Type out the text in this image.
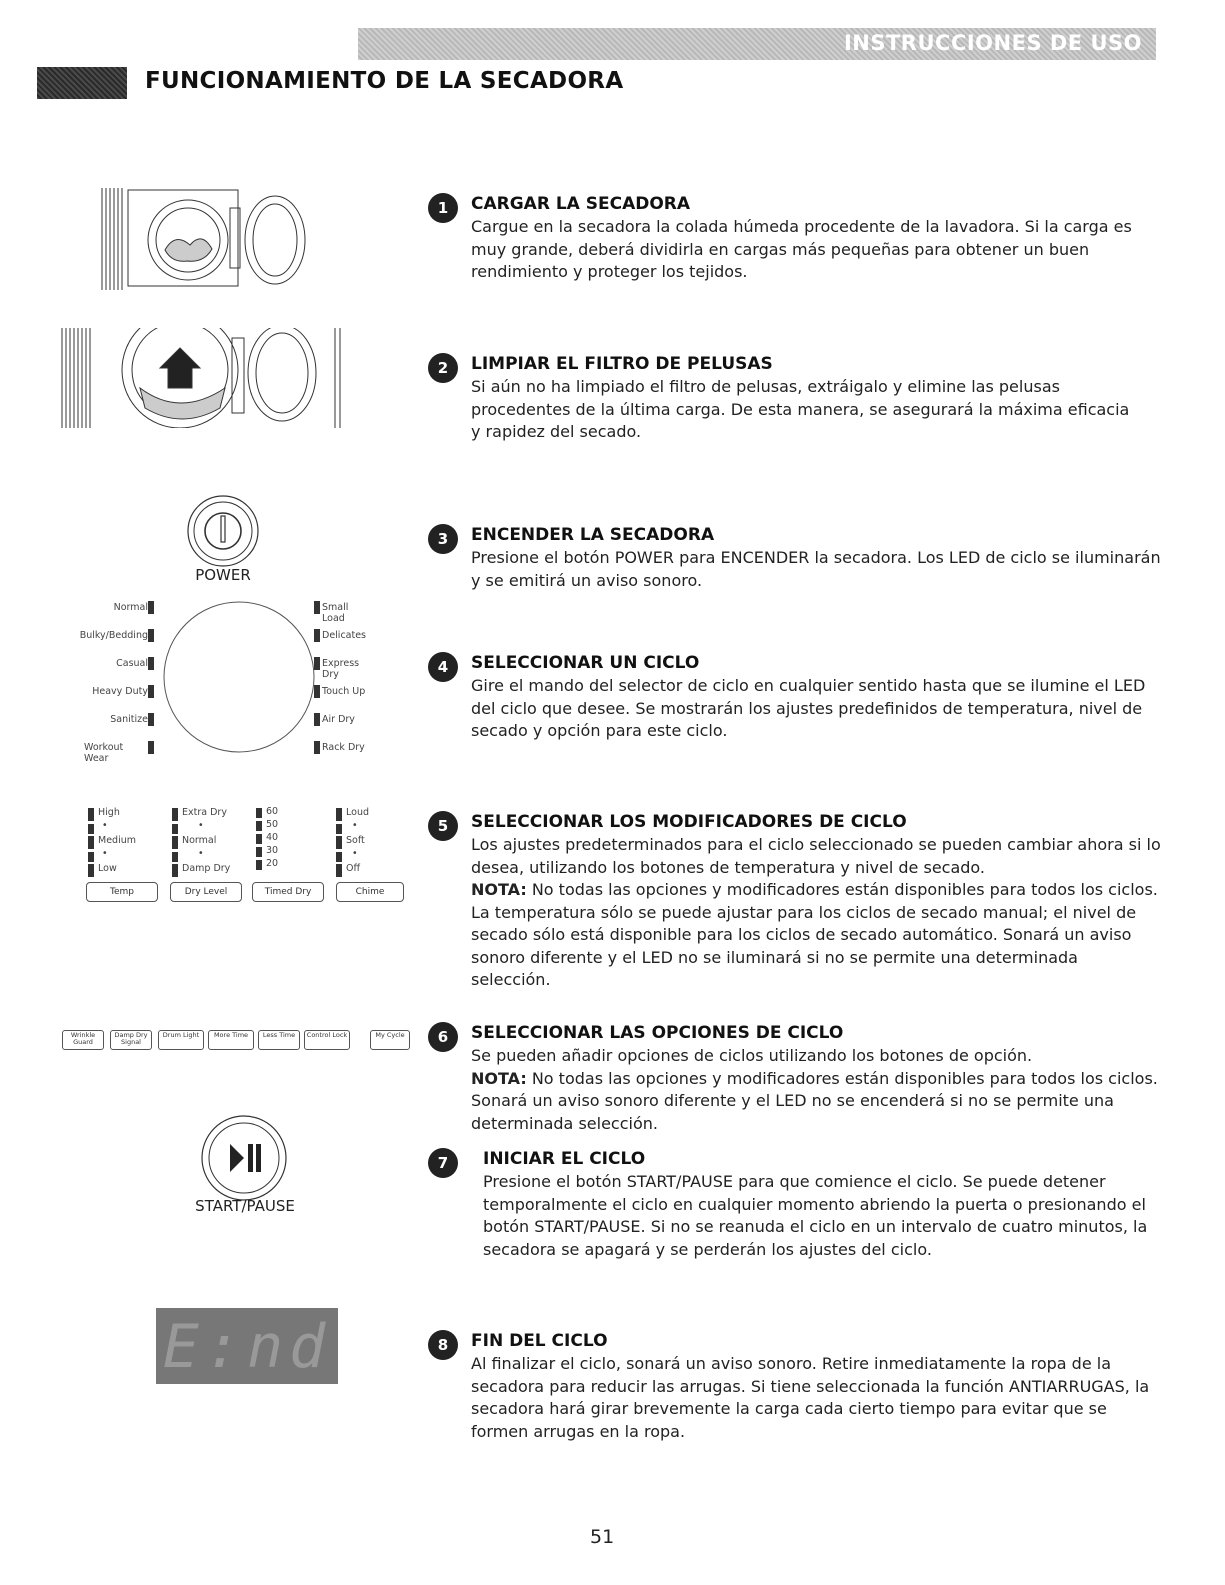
INSTRUCCIONES DE USO
FUNCIONAMIENTO DE LA SECADORA
POWER
Normal
Bulky/Bedding
Casual
Heavy Duty
Sanitize
Workout Wear
Small Load
Delicates
Express Dry
Touch Up
Air Dry
Rack Dry
High
•
Medium
•
Low
Extra Dry
•
Normal
•
Damp Dry
60
50
40
30
20
Loud
•
Soft
•
Off
Temp	Dry Level	Timed Dry	Chime
Wrinkle Guard
Damp Dry Signal
Drum Light	More Time	Less Time	Control Lock	My Cycle
START/PAUSE
E:nd
1	CARGAR LA SECADORA

Cargue en la secadora la colada húmeda procedente de la lavadora. Si la carga es muy grande, deberá dividirla en cargas más pequeñas para obtener un buen rendimiento y proteger los tejidos.

2	LIMPIAR EL FILTRO DE PELUSAS

Si aún no ha limpiado el filtro de pelusas, extráigalo y elimine las pelusas procedentes de la última carga. De esta manera, se asegurará la máxima eficacia

y rapidez del secado.

3	ENCENDER LA SECADORA

Presione el botón POWER para ENCENDER la secadora. Los LED de ciclo se iluminarán y se emitirá un aviso sonoro.

4	SELECCIONAR UN CICLO

Gire el mando del selector de ciclo en cualquier sentido hasta que se ilumine el LED del ciclo que desee. Se mostrarán los ajustes predefinidos de temperatura, nivel de secado y opción para este ciclo.

5	SELECCIONAR LOS MODIFICADORES DE CICLO

Los ajustes predeterminados para el ciclo seleccionado se pueden cambiar ahora si lo desea, utilizando los botones de temperatura y nivel de secado.

NOTA: No todas las opciones y modificadores están disponibles para todos los ciclos. La temperatura sólo se puede ajustar para los ciclos de secado manual; el nivel de secado sólo está disponible para los ciclos de secado automático. Sonará un aviso sonoro diferente y el LED no se iluminará si no se permite una determinada selección.

6	SELECCIONAR LAS OPCIONES DE CICLO

Se pueden añadir opciones de ciclos utilizando los botones de opción.

NOTA: No todas las opciones y modificadores están disponibles para todos los ciclos. Sonará un aviso sonoro diferente y el LED no se encenderá si no se permite una determinada selección.

7	INICIAR EL CICLO

Presione el botón START/PAUSE para que comience el ciclo. Se puede detener temporalmente el ciclo en cualquier momento abriendo la puerta o presionando el botón START/PAUSE. Si no se reanuda el ciclo en un intervalo de cuatro minutos, la secadora se apagará y se perderán los ajustes del ciclo.

8	FIN DEL CICLO

Al finalizar el ciclo, sonará un aviso sonoro. Retire inmediatamente la ropa de la secadora para reducir las arrugas. Si tiene seleccionada la función ANTIARRUGAS, la secadora hará girar brevemente la carga cada cierto tiempo para evitar que se formen arrugas en la ropa.

51
